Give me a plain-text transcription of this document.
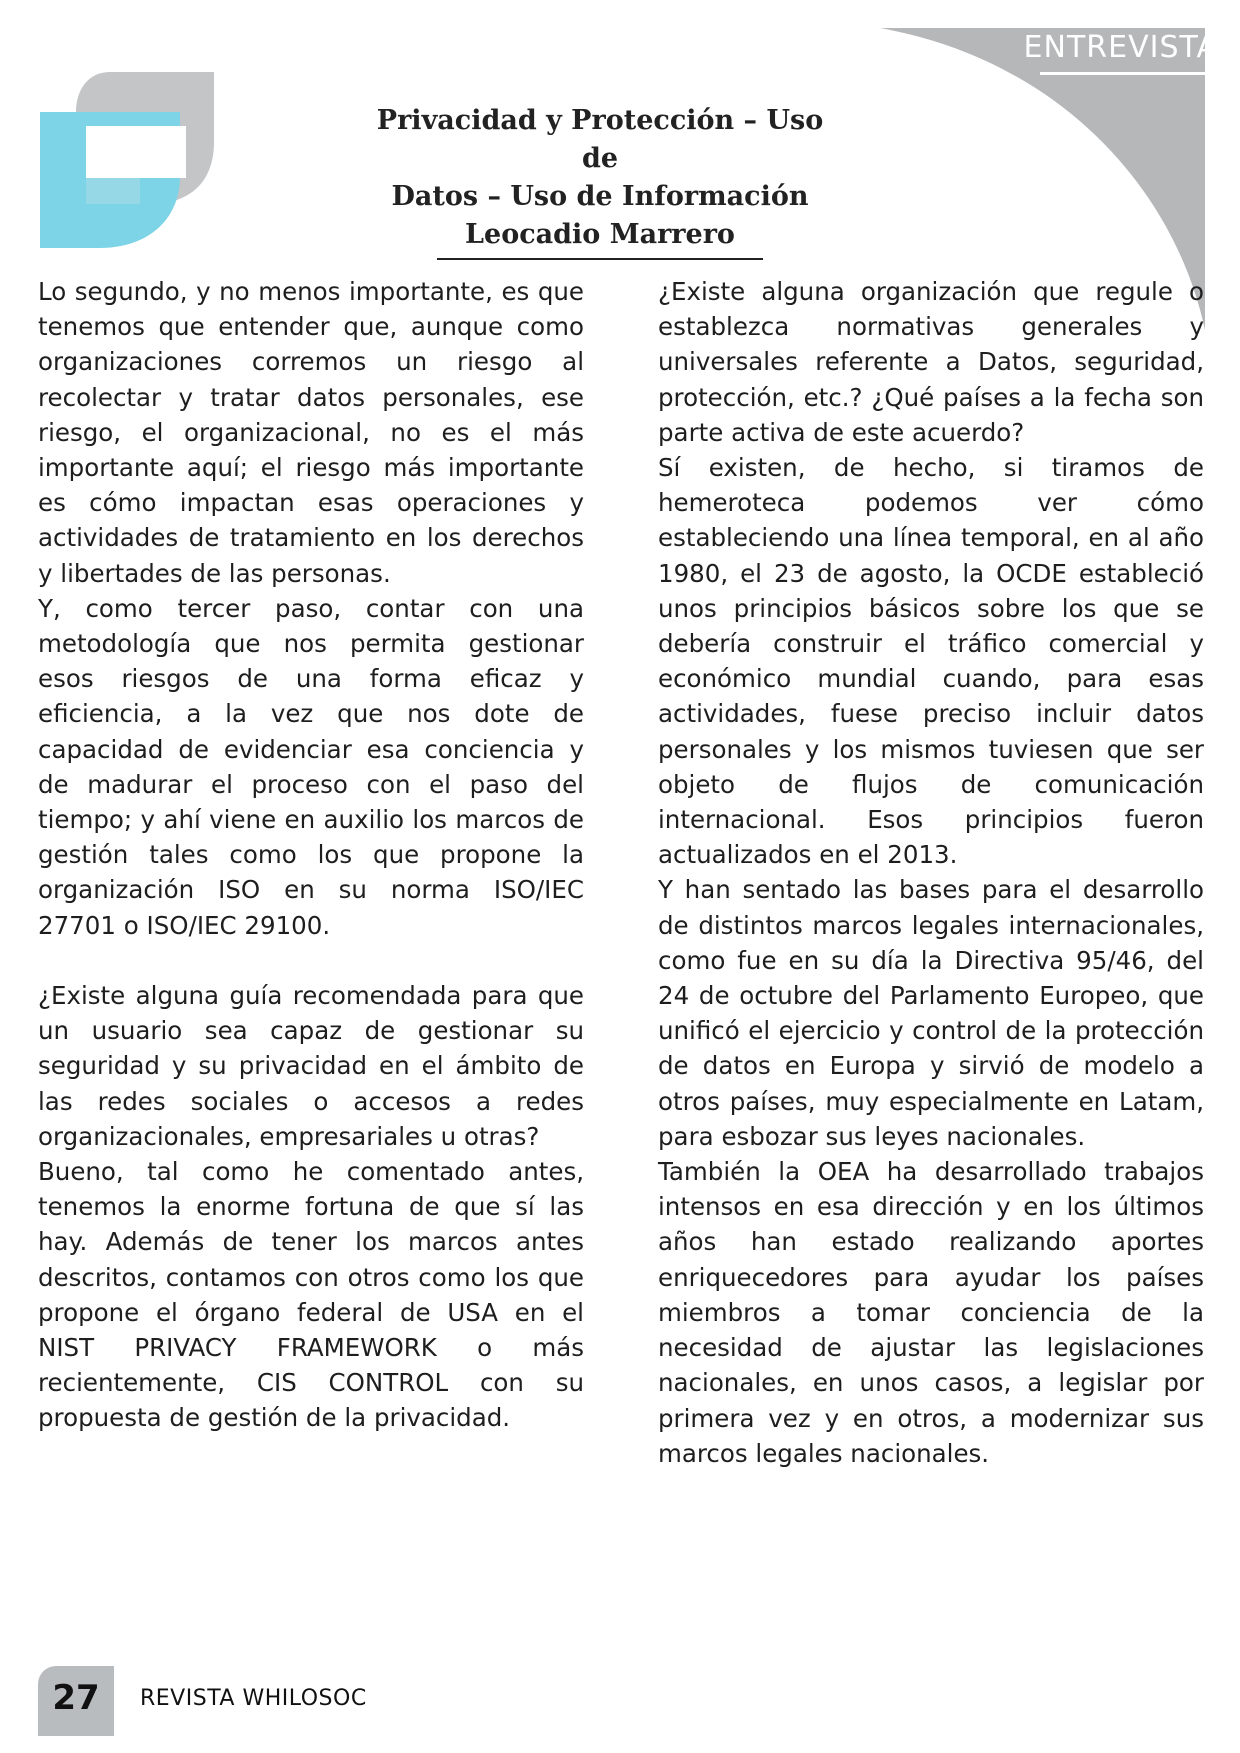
ENTREVISTA
Privacidad y Protección – Uso de
Datos – Uso de Información
Leocadio Marrero

Lo segundo, y no menos importante, es que tenemos que entender que, aunque como organizaciones corremos un riesgo al recolectar y tratar datos personales, ese riesgo, el organizacional, no es el más importante aquí; el riesgo más importante es cómo impactan esas operaciones y actividades de tratamiento en los derechos y libertades de las personas.

Y, como tercer paso, contar con una metodología que nos permita gestionar esos riesgos de una forma eficaz y eficiencia, a la vez que nos dote de capacidad de evidenciar esa conciencia y de madurar el proceso con el paso del tiempo; y ahí viene en auxilio los marcos de gestión tales como los que propone la organización ISO en su norma ISO/IEC 27701 o ISO/IEC 29100.

¿Existe alguna guía recomendada para que un usuario sea capaz de gestionar su seguridad y su privacidad en el ámbito de las redes sociales o accesos a redes organizacionales, empresariales u otras?

Bueno, tal como he comentado antes, tenemos la enorme fortuna de que sí las hay. Además de tener los marcos antes descritos, contamos con otros como los que propone el órgano federal de USA en el NIST PRIVACY FRAMEWORK o más recientemente, CIS CONTROL con su propuesta de gestión de la privacidad.

¿Existe alguna organización que regule o establezca normativas generales y universales referente a Datos, seguridad, protección, etc.? ¿Qué países a la fecha son parte activa de este acuerdo?

Sí existen, de hecho, si tiramos de hemeroteca podemos ver cómo estableciendo una línea temporal, en al año 1980, el 23 de agosto, la OCDE estableció unos principios básicos sobre los que se debería construir el tráfico comercial y económico mundial cuando, para esas actividades, fuese preciso incluir datos personales y los mismos tuviesen que ser objeto de flujos de comunicación internacional. Esos principios fueron actualizados en el 2013.

Y han sentado las bases para el desarrollo de distintos marcos legales internacionales, como fue en su día la Directiva 95/46, del 24 de octubre del Parlamento Europeo, que unificó el ejercicio y control de la protección de datos en Europa y sirvió de modelo a otros países, muy especialmente en Latam, para esbozar sus leyes nacionales.

También la OEA ha desarrollado trabajos intensos en esa dirección y en los últimos años han estado realizando aportes enriquecedores para ayudar los países miembros a tomar conciencia de la necesidad de ajustar las legislaciones nacionales, en unos casos, a legislar por primera vez y en otros, a modernizar sus marcos legales nacionales.

27	REVISTA WHILOSOC
